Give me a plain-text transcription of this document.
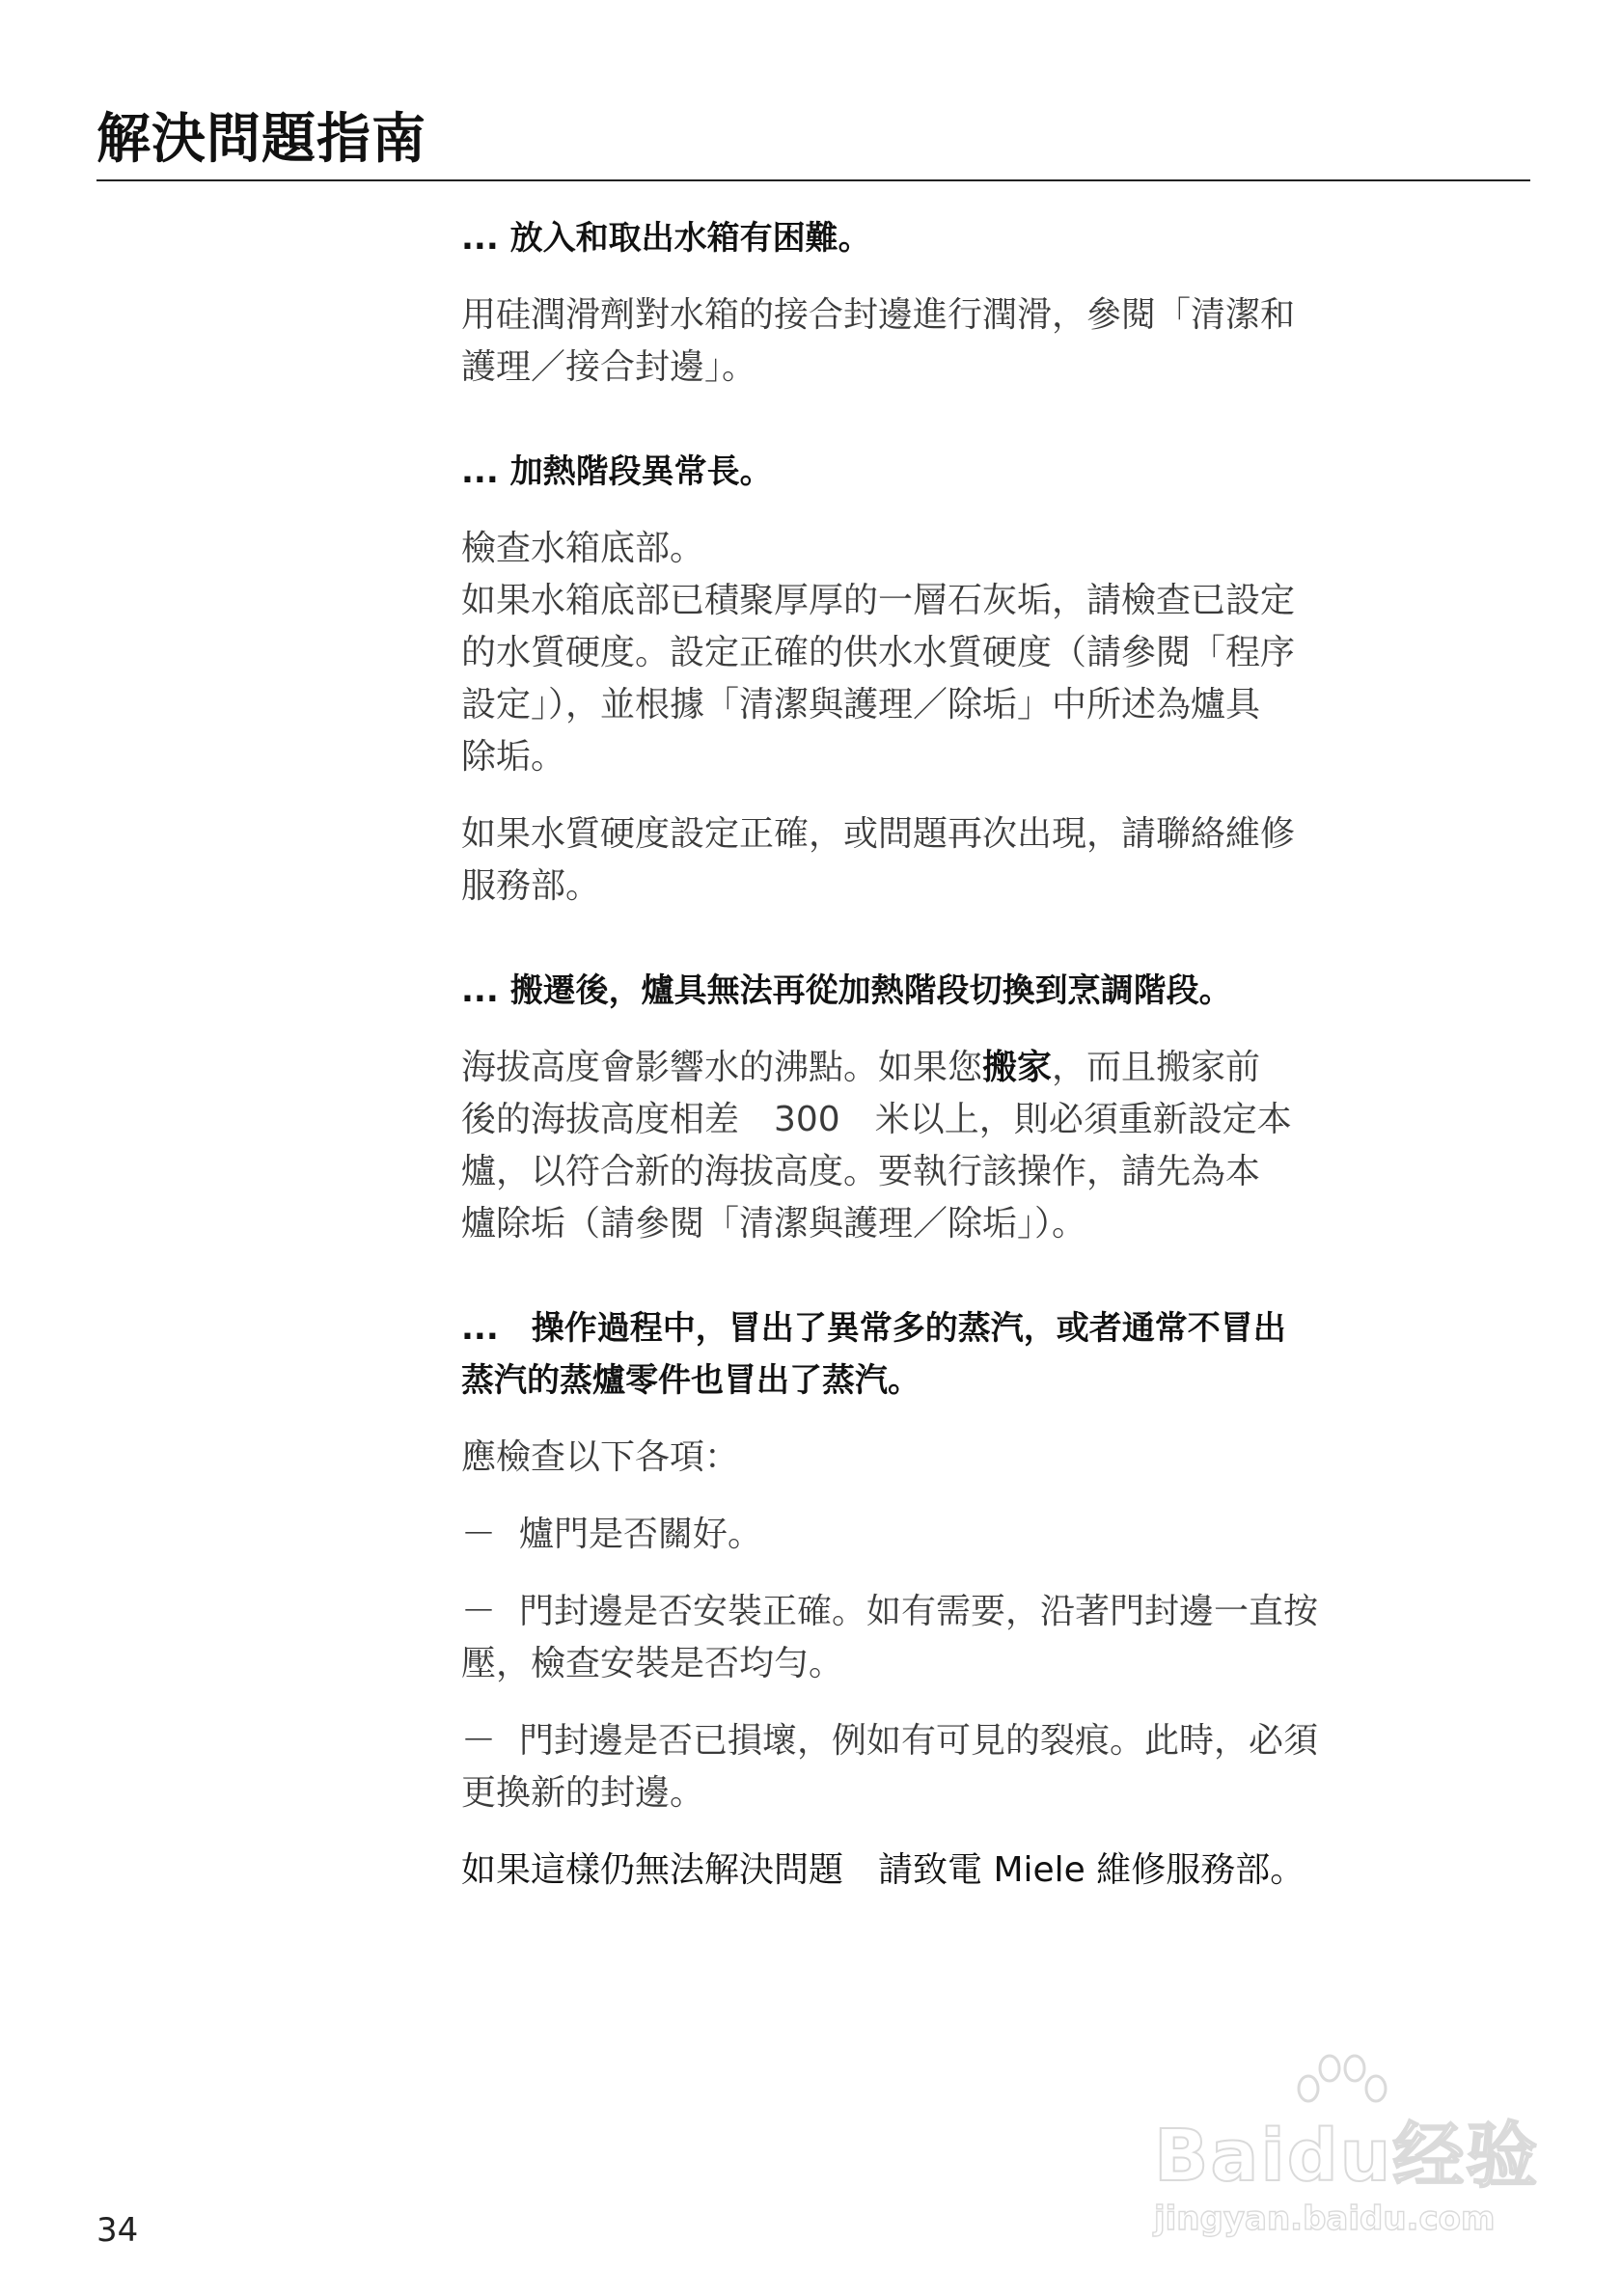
解決問題指南

... 放入和取出水箱有困難。

用硅潤滑劑對水箱的接合封邊進行潤滑，參閱「清潔和

護理／接合封邊」。

... 加熱階段異常長。

檢查水箱底部。

如果水箱底部已積聚厚厚的一層石灰垢，請檢查已設定

的水質硬度。設定正確的供水水質硬度（請參閱「程序

設定」），並根據「清潔與護理／除垢」中所述為爐具

除垢。

如果水質硬度設定正確，或問題再次出現，請聯絡維修

服務部。

... 搬遷後，爐具無法再從加熱階段切換到烹調階段。

海拔高度會影響水的沸點。如果您搬家，而且搬家前

後的海拔高度相差　300　米以上，則必須重新設定本

爐，以符合新的海拔高度。要執行該操作，請先為本

爐除垢（請參閱「清潔與護理／除垢」）。

...　操作過程中，冒出了異常多的蒸汽，或者通常不冒出

蒸汽的蒸爐零件也冒出了蒸汽。

應檢查以下各項：

－ 爐門是否關好。

－ 門封邊是否安裝正確。如有需要，沿著門封邊一直按

壓，檢查安裝是否均勻。

－ 門封邊是否已損壞，例如有可見的裂痕。此時，必須

更換新的封邊。

如果這樣仍無法解決問題　請致電 Miele 維修服務部。

34
Baidu经验
jingyan.baidu.com
